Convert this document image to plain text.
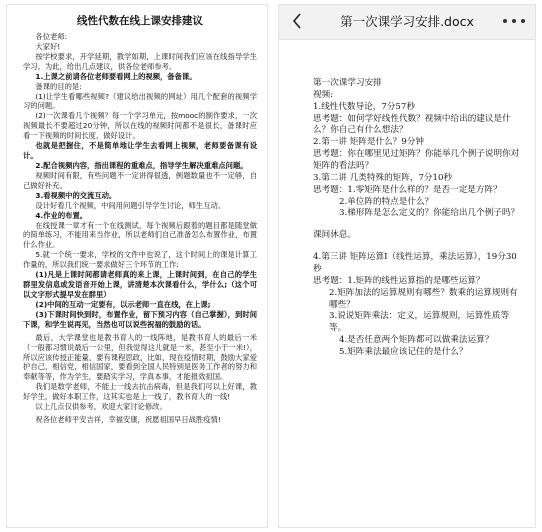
线性代数在线上课安排建议

各位老师:

大家好!

按学校要求，开学延期，教学如期，上课时间我们应该在线指导学生学习。为此，给出几点建议，供各位老师参考。

1.上课之前请各位老师要看网上的视频，备备课。

备课的目的是:

(1)让学生看哪些视频?（建议给出视频的网址）用几个配套的视频学习的问题。

(2)一次课看几个视频？每一个学习单元，按mooc的制作要求，一次视频最长不要超过20分钟，所以在线的视频时间都不是很长，备课时应看一下视频的时间长度，做好设计。

也就是把握住，不是简单地让学生去看网上视频，老师要备课有设计。

2.配合视频内容，指出课程的重难点，指导学生解决重难点问题。

视频时间有限，有些问题不一定讲得很透，例题数量也不一定够，自己做好补充。

3.看视频中的交流互动。

设计好看几个视频，中间用问题引导学生讨论，师生互动。

4.作业的布置。

在线授课一章才有一个在线测试，每个视频后跟着的题目都是随堂做的简单练习，不能用来当作业，所以老师们自己准备怎么布置作业，布置什么作业。

5.就一个统一要求，学校的文件中也说了，这个时间上的课是计算工作量的，所以我们统一要求做好三个环节的工作:

(1)凡是上课时间都请老师真的来上课，上课时间到，在自己的学生群里发信息或发语音开始上课，讲清楚本次课看什么，学什么;（这个可以文字形式提早发在群里）

(2)中间的互动一定要有，以示老师一直在线，在上课;

(3)下课时间快到时，布置作业，留下预习内容（自己掌握），到时间下课，和学生说再见，当然也可以说些祝福的鼓励的话。

最后，大学课堂也是教书育人的一线阵地，是教书育人的最后一米（一般都习惯说最后一公里，但我觉得这儿就是一米，甚至小于一米!），所以应该传授正能量，要有课程思政，比如，现在疫情时期，鼓励大家爱护自己，相信党，相信国家，要看到全国人民特别是医务工作者的努力和奉献等等，作为学生，要踏实学习，学真本事，才能报效祖国。

我们是数学老师，不能上一线去抗击病毒，但是我们可以上好课，教好学生，做好本职工作，这其实也是上一线了，教书育人的一线!

以上几点仅供参考，欢迎大家讨论修改。

祝各位老师平安吉祥，幸福安康，祝愿祖国早日战胜疫情!

第一次课学习安排.docx

第一次课学习安排

视频:

1.线性代数导论，7分57秒

思考题：如何学好线性代数？视频中给出的建议是什么？你自己有什么想法？

2.第一讲 矩阵是什么？9分钟

思考题：你在哪里见过矩阵？你能举几个例子说明你对矩阵的看法吗？

3.第二讲 几类特殊的矩阵，7分10秒

思考题：1.零矩阵是什么样的？是否一定是方阵？

2.单位阵的特点是什么？

3.梯形阵是怎么定义的？你能给出几个例子吗？

课间休息。

4.第三讲 矩阵运算Ⅰ（线性运算，乘法运算），19分30秒

思考题：1.矩阵的线性运算指的是哪些运算？

2.矩阵加法的运算规则有哪些？数乘的运算规则有哪些？

3.说说矩阵乘法：定义，运算规则，运算性质等等。

4.是否任意两个矩阵都可以做乘法运算？

5.矩阵乘法最应该记住的是什么？
